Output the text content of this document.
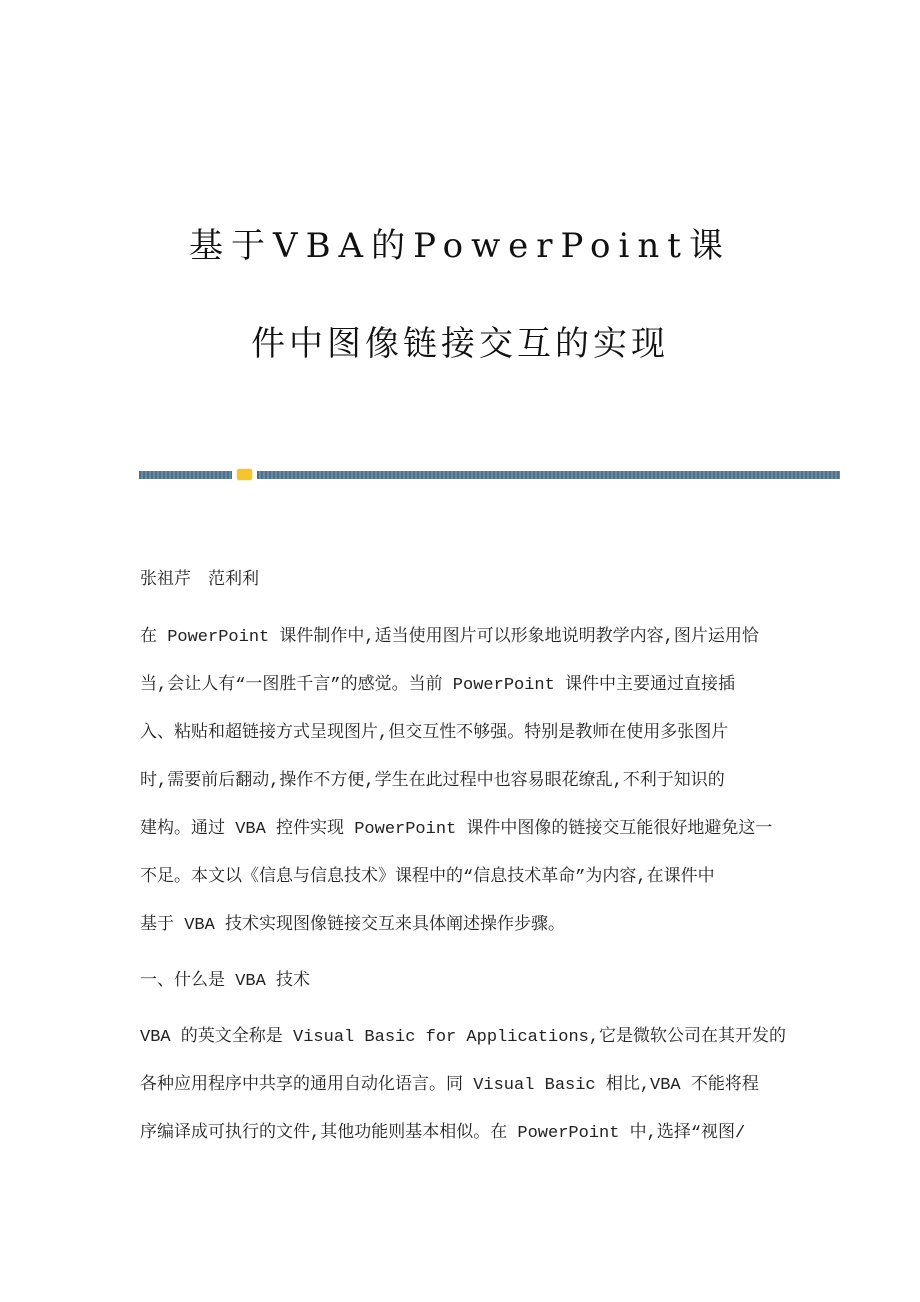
基于VBA的PowerPoint课
件中图像链接交互的实现
张祖芹　范利利
在 PowerPoint 课件制作中,适当使用图片可以形象地说明教学内容,图片运用恰
当,会让人有“一图胜千言”的感觉。当前 PowerPoint 课件中主要通过直接插
入、粘贴和超链接方式呈现图片,但交互性不够强。特别是教师在使用多张图片
时,需要前后翻动,操作不方便,学生在此过程中也容易眼花缭乱,不利于知识的
建构。通过 VBA 控件实现 PowerPoint 课件中图像的链接交互能很好地避免这一
不足。本文以《信息与信息技术》课程中的“信息技术革命”为内容,在课件中
基于 VBA 技术实现图像链接交互来具体阐述操作步骤。
一、什么是 VBA 技术
VBA 的英文全称是 Visual Basic for Applications,它是微软公司在其开发的
各种应用程序中共享的通用自动化语言。同 Visual Basic 相比,VBA 不能将程
序编译成可执行的文件,其他功能则基本相似。在 PowerPoint 中,选择“视图/
